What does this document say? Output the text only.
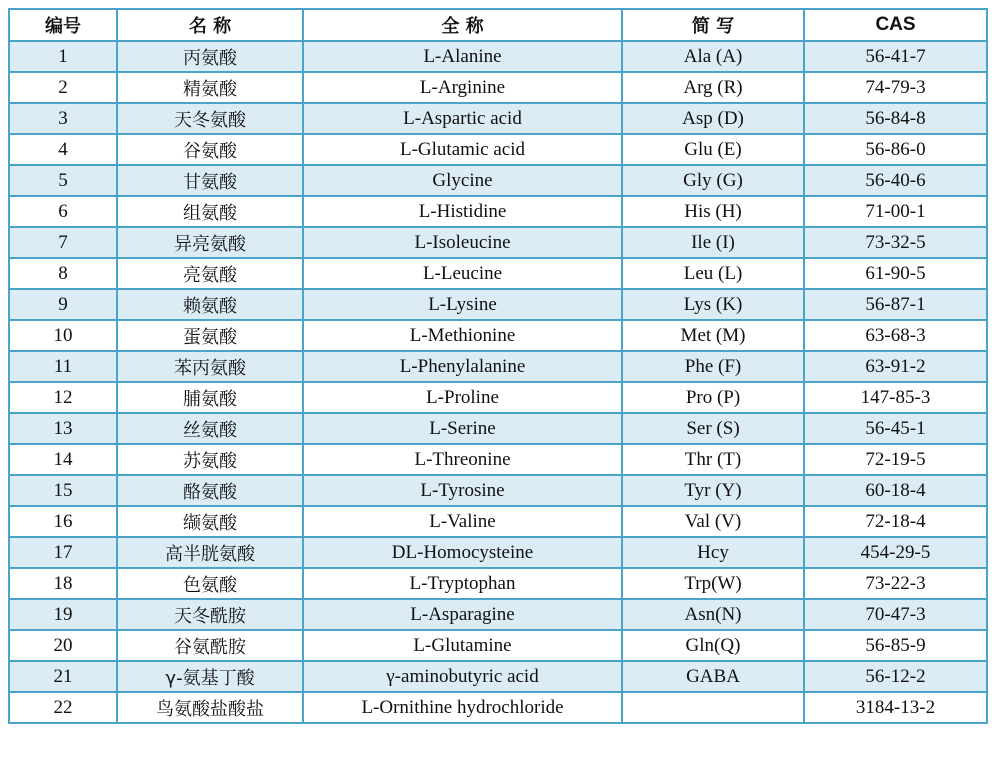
编号	名 称	全 称	简 写	CAS
1	丙氨酸	L-Alanine	Ala (A)	56-41-7
2	精氨酸	L-Arginine	Arg (R)	74-79-3
3	天冬氨酸	L-Aspartic acid	Asp (D)	56-84-8
4	谷氨酸	L-Glutamic acid	Glu (E)	56-86-0
5	甘氨酸	Glycine	Gly (G)	56-40-6
6	组氨酸	L-Histidine	His (H)	71-00-1
7	异亮氨酸	L-Isoleucine	Ile (I)	73-32-5
8	亮氨酸	L-Leucine	Leu (L)	61-90-5
9	赖氨酸	L-Lysine	Lys (K)	56-87-1
10	蛋氨酸	L-Methionine	Met (M)	63-68-3
11	苯丙氨酸	L-Phenylalanine	Phe (F)	63-91-2
12	脯氨酸	L-Proline	Pro (P)	147-85-3
13	丝氨酸	L-Serine	Ser (S)	56-45-1
14	苏氨酸	L-Threonine	Thr (T)	72-19-5
15	酪氨酸	L-Tyrosine	Tyr (Y)	60-18-4
16	缬氨酸	L-Valine	Val (V)	72-18-4
17	高半胱氨酸	DL-Homocysteine	Hcy	454-29-5
18	色氨酸	L-Tryptophan	Trp(W)	73-22-3
19	天冬酰胺	L-Asparagine	Asn(N)	70-47-3
20	谷氨酰胺	L-Glutamine	Gln(Q)	56-85-9
21	γ-氨基丁酸	γ-aminobutyric acid	GABA	56-12-2
22	鸟氨酸盐酸盐	L-Ornithine hydrochloride		3184-13-2
